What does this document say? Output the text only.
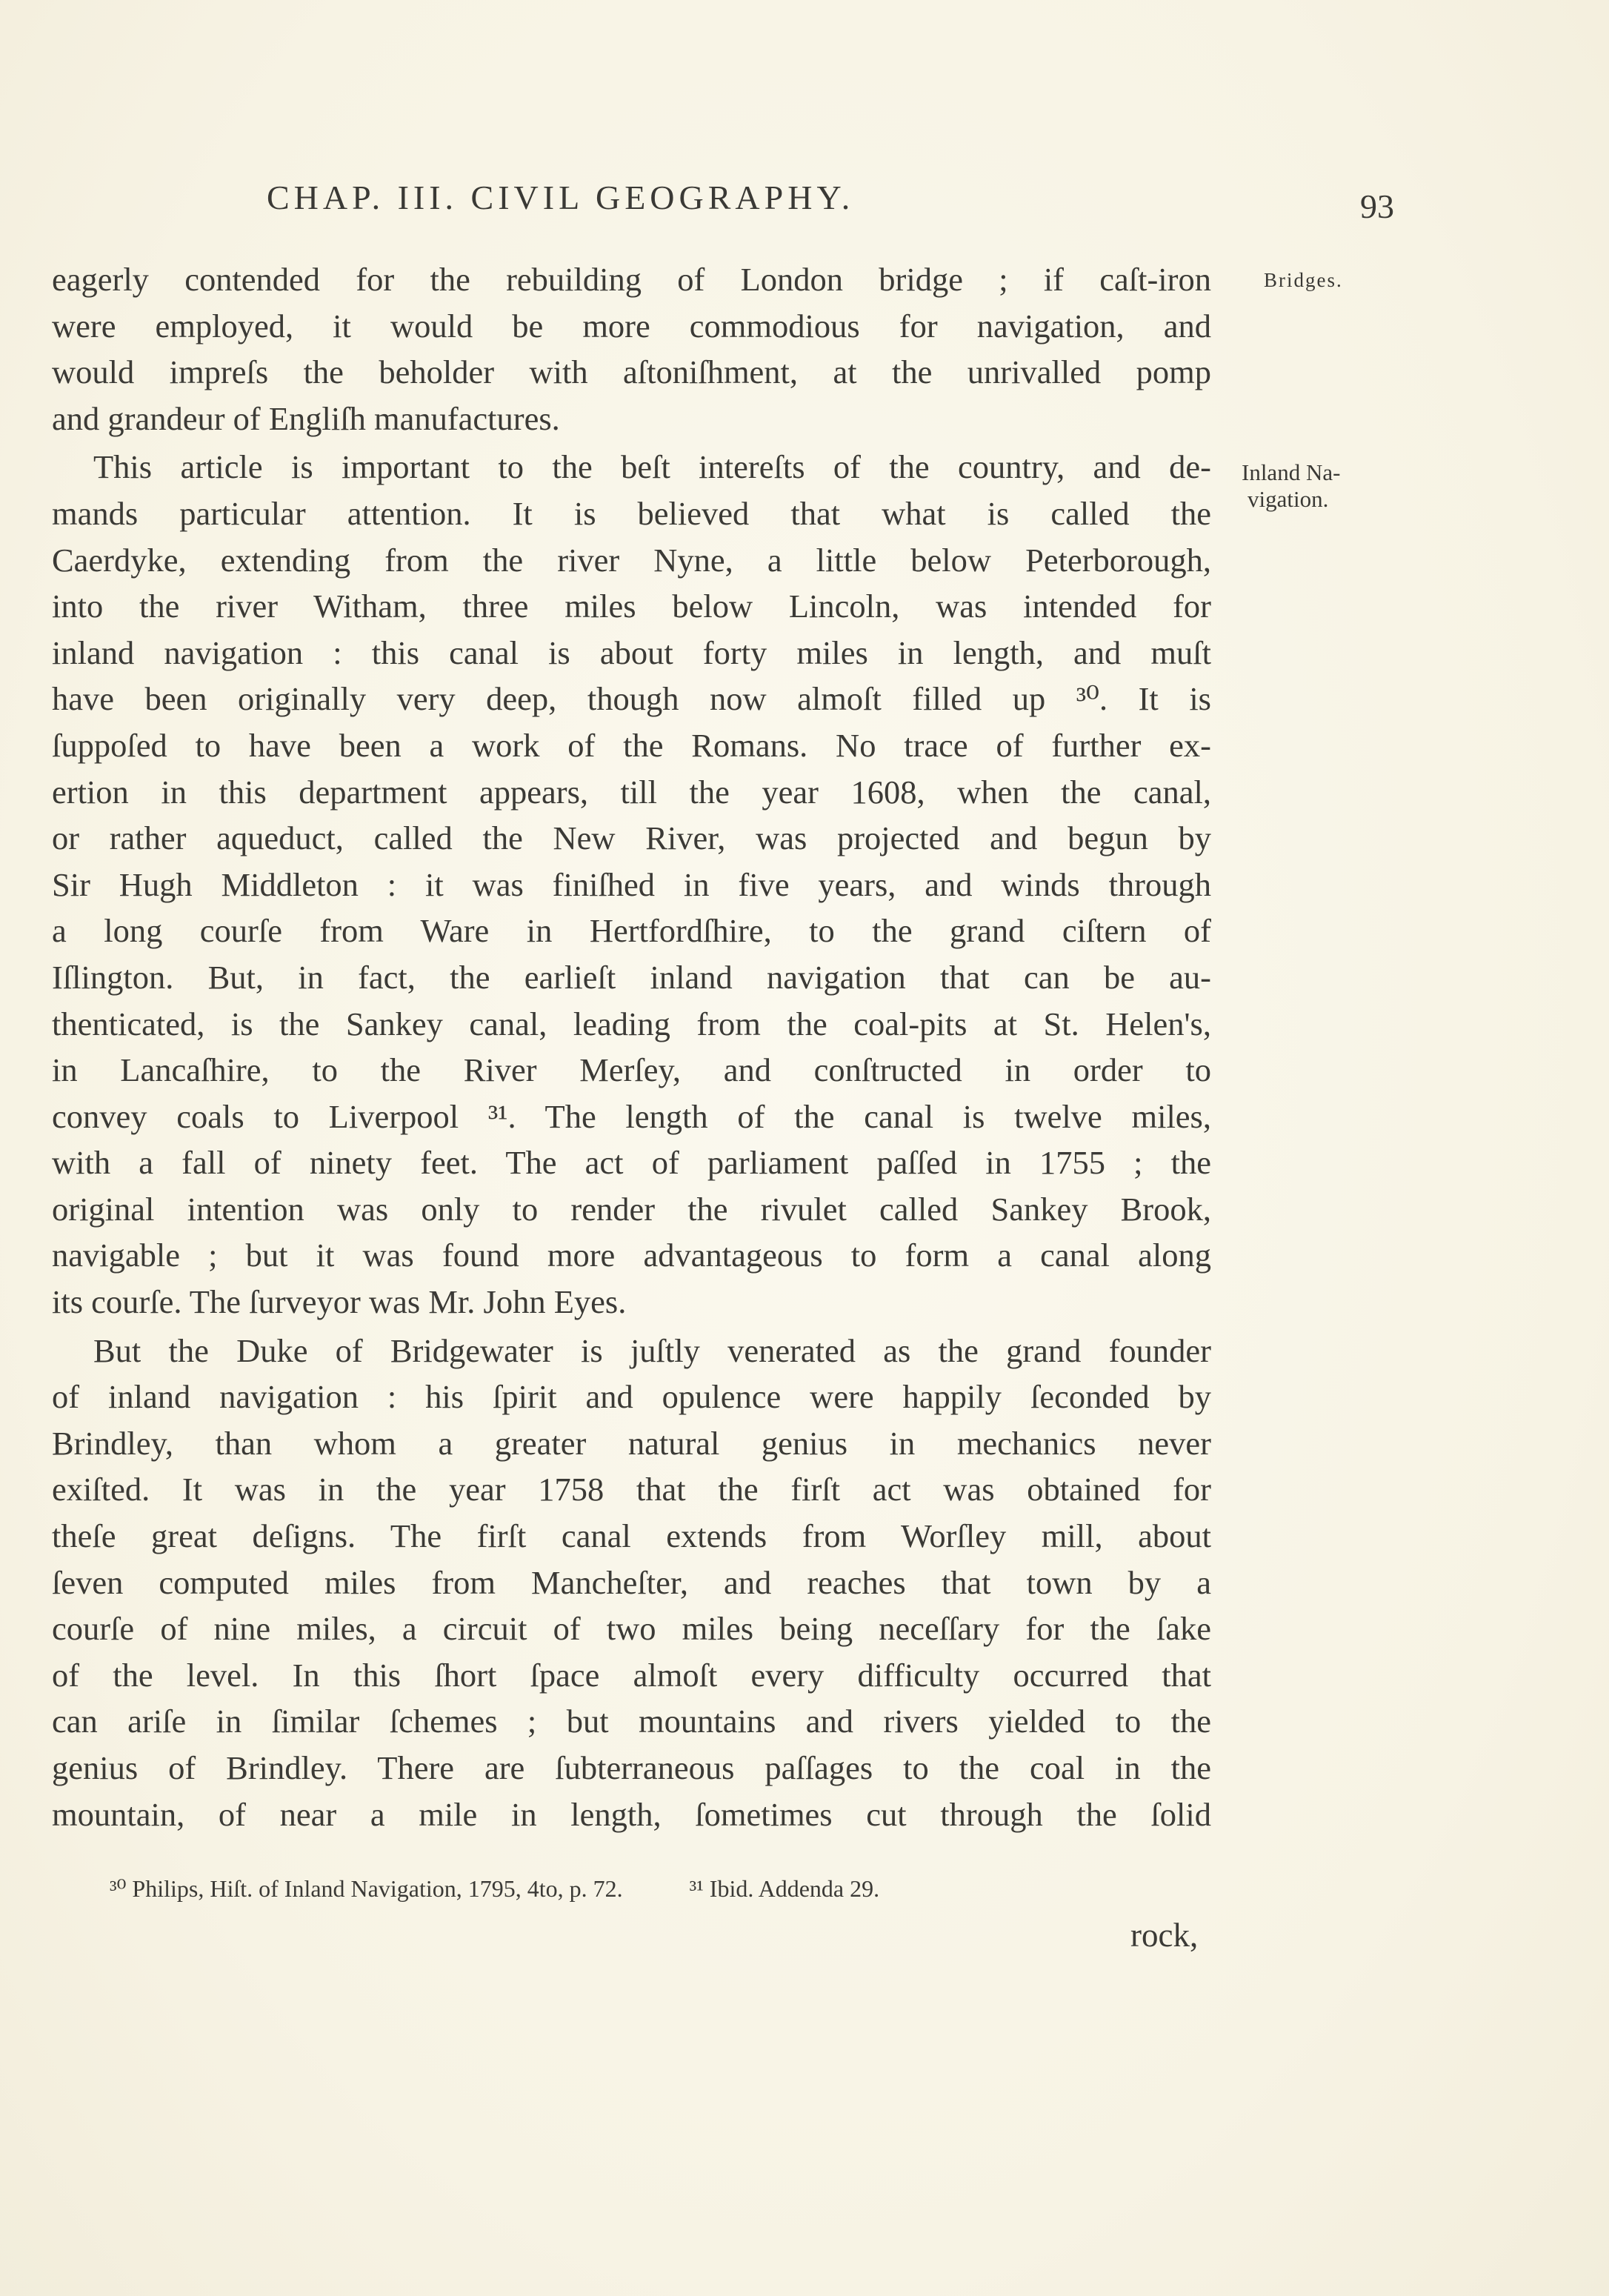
CHAP. III. CIVIL GEOGRAPHY.	93
Bridges.
Inland Na-
vigation.
eagerly contended for the rebuilding of London bridge ; if caſt-iron
were employed, it would be more commodious for navigation, and
would impreſs the beholder with aſtoniſhment, at the unrivalled pomp
and grandeur of Engliſh manufactures.
This article is important to the beſt intereſts of the country, and de-
mands particular attention. It is believed that what is called the
Caerdyke, extending from the river Nyne, a little below Peterborough,
into the river Witham, three miles below Lincoln, was intended for
inland navigation : this canal is about forty miles in length, and muſt
have been originally very deep, though now almoſt filled up ³⁰. It is
ſuppoſed to have been a work of the Romans. No trace of further ex-
ertion in this department appears, till the year 1608, when the canal,
or rather aqueduct, called the New River, was projected and begun by
Sir Hugh Middleton : it was finiſhed in five years, and winds through
a long courſe from Ware in Hertfordſhire, to the grand ciſtern of
Iſlington. But, in fact, the earlieſt inland navigation that can be au-
thenticated, is the Sankey canal, leading from the coal-pits at St. Helen's,
in Lancaſhire, to the River Merſey, and conſtructed in order to
convey coals to Liverpool ³¹. The length of the canal is twelve miles,
with a fall of ninety feet. The act of parliament paſſed in 1755 ; the
original intention was only to render the rivulet called Sankey Brook,
navigable ; but it was found more advantageous to form a canal along
its courſe. The ſurveyor was Mr. John Eyes.
But the Duke of Bridgewater is juſtly venerated as the grand founder
of inland navigation : his ſpirit and opulence were happily ſeconded by
Brindley, than whom a greater natural genius in mechanics never
exiſted. It was in the year 1758 that the firſt act was obtained for
theſe great deſigns. The firſt canal extends from Worſley mill, about
ſeven computed miles from Mancheſter, and reaches that town by a
courſe of nine miles, a circuit of two miles being neceſſary for the ſake
of the level. In this ſhort ſpace almoſt every difficulty occurred that
can ariſe in ſimilar ſchemes ; but mountains and rivers yielded to the
genius of Brindley. There are ſubterraneous paſſages to the coal in the
mountain, of near a mile in length, ſometimes cut through the ſolid
³⁰ Philips, Hiſt. of Inland Navigation, 1795, 4to, p. 72.	³¹ Ibid. Addenda 29.
rock,
